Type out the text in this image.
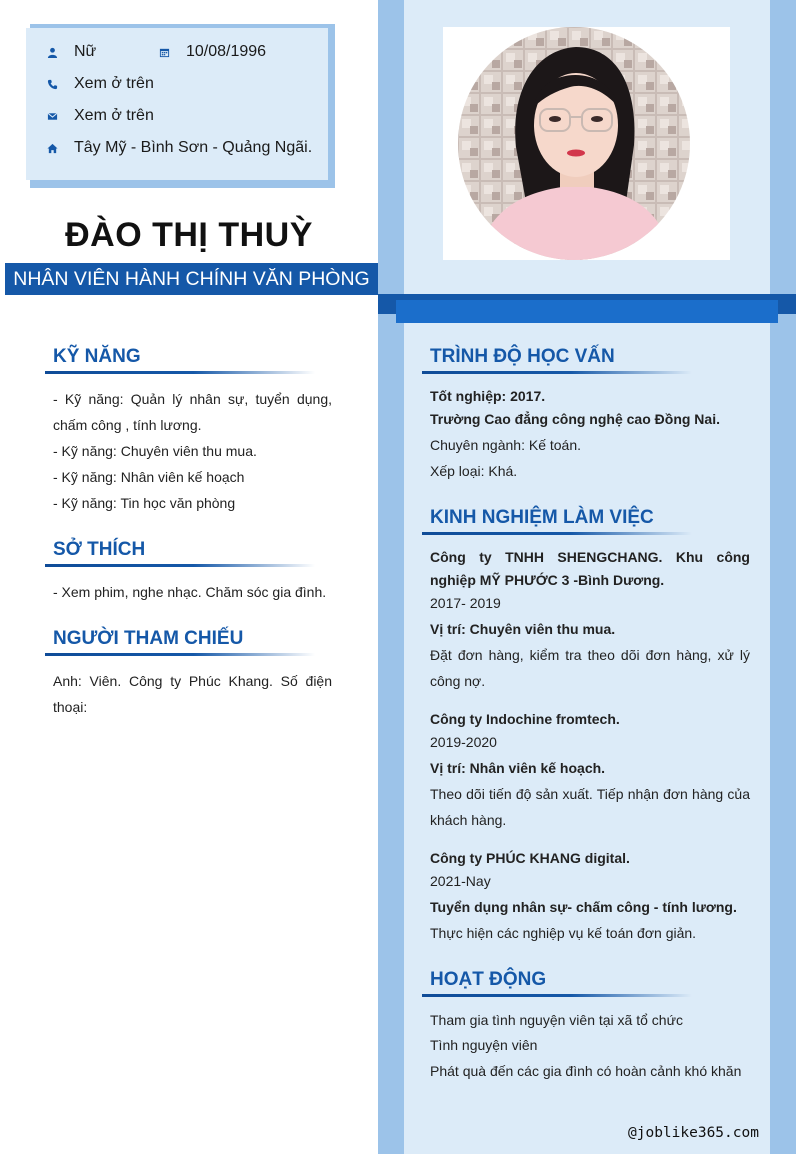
Nữ	10/08/1996
Xem ở trên
Xem ở trên
Tây Mỹ - Bình Sơn - Quảng Ngãi.
ĐÀO THỊ THUỲ
NHÂN VIÊN HÀNH CHÍNH VĂN PHÒNG
KỸ NĂNG
- Kỹ năng: Quản lý nhân sự, tuyển dụng, chấm công , tính lương.
- Kỹ năng: Chuyên viên thu mua.
- Kỹ năng: Nhân viên kế hoạch
- Kỹ năng: Tin học văn phòng
SỞ THÍCH
- Xem phim, nghe nhạc. Chăm sóc gia đình.
NGƯỜI THAM CHIẾU
Anh: Viên. Công ty Phúc Khang. Số điện thoại:
TRÌNH ĐỘ HỌC VẤN
Tốt nghiệp: 2017.
Trường Cao đẳng công nghệ cao Đồng Nai.
Chuyên ngành: Kế toán.
Xếp loại: Khá.
KINH NGHIỆM LÀM VIỆC
Công ty TNHH SHENGCHANG. Khu công nghiệp MỸ PHƯỚC 3 -Bình Dương.
2017- 2019
Vị trí: Chuyên viên thu mua.
Đặt đơn hàng, kiểm tra theo dõi đơn hàng, xử lý công nợ.
Công ty Indochine fromtech.
2019-2020
Vị trí: Nhân viên kế hoạch.
Theo dõi tiến độ sản xuất. Tiếp nhận đơn hàng của khách hàng.
Công ty PHÚC KHANG digital.
2021-Nay
Tuyển dụng nhân sự- chấm công - tính lương.
Thực hiện các nghiệp vụ kế toán đơn giản.
HOẠT ĐỘNG
Tham gia tình nguyện viên tại xã tổ chức
Tình nguyện viên
Phát quà đến các gia đình có hoàn cảnh khó khăn
@joblike365.com
